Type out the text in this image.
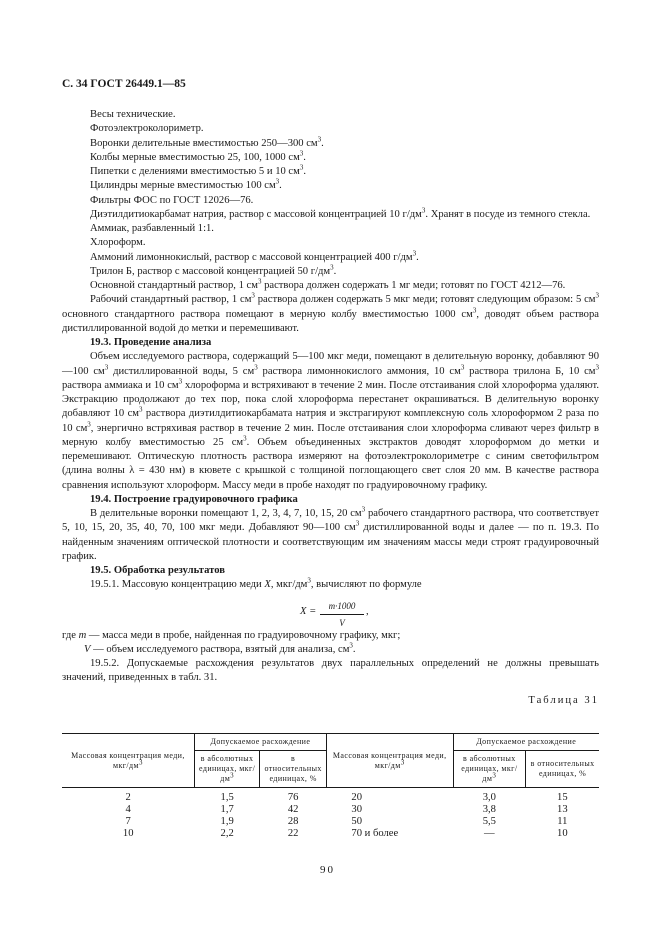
С. 34 ГОСТ 26449.1—85

Весы технические.

Фотоэлектроколориметр.

Воронки делительные вместимостью 250—300 $см^3$.

Колбы мерные вместимостью 25, 100, 1000 $см^3$.

Пипетки с делениями вместимостью 5 и 10 $см^3$.

Цилиндры мерные вместимостью 100 $см^3$.

Фильтры ФОС по ГОСТ 12026—76.

Диэтилдитиокарбамат натрия, раствор с массовой концентрацией 10 $г/дм^3$. Хранят в посуде из темного стекла.

Аммиак, разбавленный 1:1.

Хлороформ.

Аммоний лимоннокислый, раствор с массовой концентрацией 400 $г/дм^3$.

Трилон Б, раствор с массовой концентрацией 50 $г/дм^3$.

Основной стандартный раствор, 1 $см^3$ раствора должен содержать 1 мг меди; готовят по ГОСТ 4212—76.

Рабочий стандартный раствор, 1 $см^3$ раствора должен содержать 5 мкг меди; готовят следующим образом: 5 $см^3$ основного стандартного раствора помещают в мерную колбу вместимостью 1000 $см^3$, доводят объем раствора дистиллированной водой до метки и перемешивают.

19.3. Проведение анализа

Объем исследуемого раствора, содержащий 5—100 мкг меди, помещают в делительную воронку, добавляют 90—100 $см^3$ дистиллированной воды, 5 $см^3$ раствора лимоннокислого аммония, 10 $см^3$ раствора трилона Б, 10 $см^3$ раствора аммиака и 10 $см^3$ хлороформа и встряхивают в течение 2 мин. После отстаивания слой хлороформа удаляют. Экстракцию продолжают до тех пор, пока слой хлороформа перестанет окрашиваться. В делительную воронку добавляют 10 $см^3$ раствора диэтилдитиокарбамата натрия и экстрагируют комплексную соль хлороформом 2 раза по 10 $см^3$, энергично встряхивая раствор в течение 2 мин. После отстаивания слои хлороформа сливают через фильтр в мерную колбу вместимостью 25 $см^3$. Объем объединенных экстрактов доводят хлороформом до метки и перемешивают. Оптическую плотность раствора измеряют на фотоэлектроколориметре с синим светофильтром (длина волны λ = 430 нм) в кювете с крышкой с толщиной поглощающего свет слоя 20 мм. В качестве раствора сравнения используют хлороформ. Массу меди в пробе находят по градуировочному графику.

19.4. Построение градуировочного графика

В делительные воронки помещают 1, 2, 3, 4, 7, 10, 15, 20 $см^3$ рабочего стандартного раствора, что соответствует 5, 10, 15, 20, 35, 40, 70, 100 мкг меди. Добавляют 90—100 $см^3$ дистиллированной воды и далее — по п. 19.3. По найденным значениям оптической плотности и соответствующим им значениям массы меди строят градуировочный график.

19.5. Обработка результатов

19.5.1. Массовую концентрацию меди X, мкг/$дм^3$, вычисляют по формуле

$X = \frac{m\cdot 1000}{V}$ ,

где m — масса меди в пробе, найденная по градуировочному графику, мкг;

V — объем исследуемого раствора, взятый для анализа, $см^3$.

19.5.2. Допускаемые расхождения результатов двух параллельных определений не должны превышать значений, приведенных в табл. 31.

Таблица 31
Массовая концентрация меди, мкг/$дм^3$	Допускаемое расхождение		Массовая концентрация меди, мкг/$дм^3$	Допускаемое расхождение	
	в абсолютных единицах, мкг/$дм^3$	в относительных единицах, %		в абсолютных единицах, мкг/$дм^3$	в относительных единицах, %

2	1,5	76	20	3,0	15
4	1,7	42	30	3,8	13
7	1,9	28	50	5,5	11
10	2,2	22	70 и более	—	10
90
